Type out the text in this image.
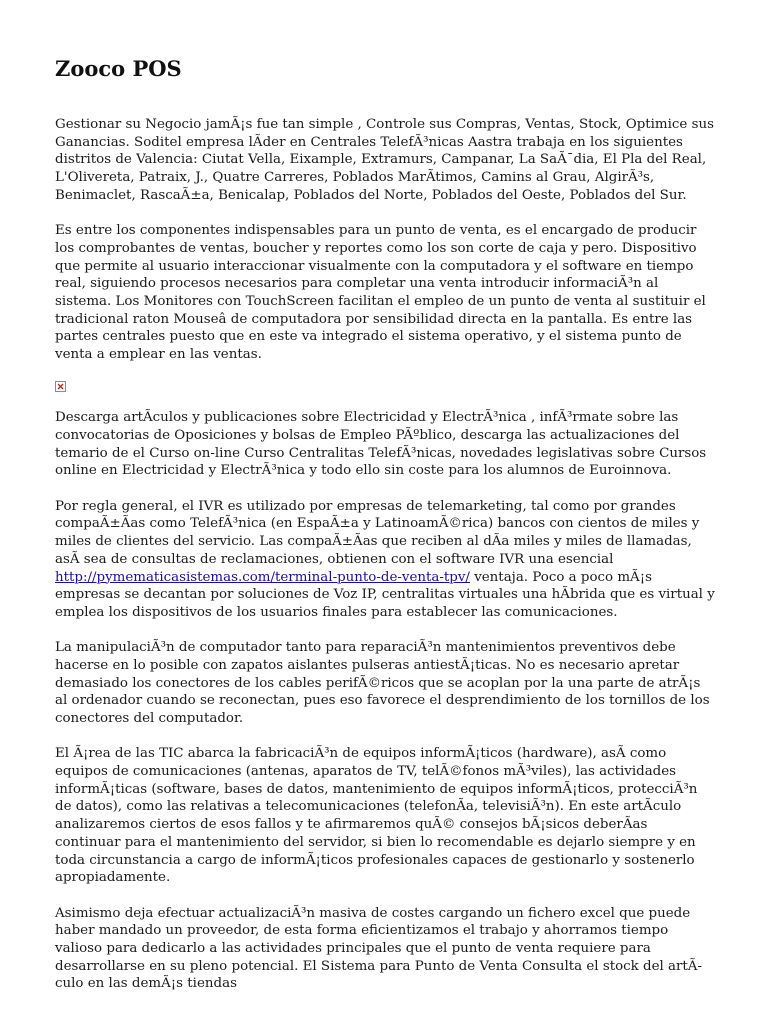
Zooco POS

Gestionar su Negocio jamÃ¡s fue tan simple , Controle sus Compras, Ventas, Stock, Optimice sus Ganancias. Soditel empresa lÃder en Centrales TelefÃ³nicas Aastra trabaja en los siguientes distritos de Valencia: Ciutat Vella, Eixample, Extramurs, Campanar, La SaÃ¯dia, El Pla del Real, L'Olivereta, Patraix, J., Quatre Carreres, Poblados MarÃtimos, Camins al Grau, AlgirÃ³s, Benimaclet, RascaÃ±a, Benicalap, Poblados del Norte, Poblados del Oeste, Poblados del Sur.

Es entre los componentes indispensables para un punto de venta, es el encargado de producir los comprobantes de ventas, boucher y reportes como los son corte de caja y pero. Dispositivo que permite al usuario interaccionar visualmente con la computadora y el software en tiempo real, siguiendo procesos necesarios para completar una venta introducir informaciÃ³n al sistema. Los Monitores con TouchScreen facilitan el empleo de un punto de venta al sustituir el tradicional raton Mouseâ de computadora por sensibilidad directa en la pantalla. Es entre las partes centrales puesto que en este va integrado el sistema operativo, y el sistema punto de venta a emplear en las ventas.

Descarga artÃculos y publicaciones sobre Electricidad y ElectrÃ³nica , infÃ³rmate sobre las convocatorias de Oposiciones y bolsas de Empleo PÃºblico, descarga las actualizaciones del temario de el Curso on-line Curso Centralitas TelefÃ³nicas, novedades legislativas sobre Cursos online en Electricidad y ElectrÃ³nica y todo ello sin coste para los alumnos de Euroinnova.

Por regla general, el IVR es utilizado por empresas de telemarketing, tal como por grandes compaÃ±Ãas como TelefÃ³nica (en EspaÃ±a y LatinoamÃ©rica) bancos con cientos de miles y miles de clientes del servicio. Las compaÃ±Ãas que reciben al dÃa miles y miles de llamadas, asÃ sea de consultas de reclamaciones, obtienen con el software IVR una esencial http://pymematicasistemas.com/terminal-punto-de-venta-tpv/ ventaja. Poco a poco mÃ¡s empresas se decantan por soluciones de Voz IP, centralitas virtuales una hÃbrida que es virtual y emplea los dispositivos de los usuarios finales para establecer las comunicaciones.

La manipulaciÃ³n de computador tanto para reparaciÃ³n mantenimientos preventivos debe hacerse en lo posible con zapatos aislantes pulseras antiestÃ¡ticas. No es necesario apretar demasiado los conectores de los cables perifÃ©ricos que se acoplan por la una parte de atrÃ¡s al ordenador cuando se reconectan, pues eso favorece el desprendimiento de los tornillos de los conectores del computador.

El Ã¡rea de las TIC abarca la fabricaciÃ³n de equipos informÃ¡ticos (hardware), asÃ como equipos de comunicaciones (antenas, aparatos de TV, telÃ©fonos mÃ³viles), las actividades informÃ¡ticas (software, bases de datos, mantenimiento de equipos informÃ¡ticos, protecciÃ³n de datos), como las relativas a telecomunicaciones (telefonÃa, televisiÃ³n). En este artÃculo analizaremos ciertos de esos fallos y te afirmaremos quÃ© consejos bÃ¡sicos deberÃas continuar para el mantenimiento del servidor, si bien lo recomendable es dejarlo siempre y en toda circunstancia a cargo de informÃ¡ticos profesionales capaces de gestionarlo y sostenerlo apropiadamente.

Asimismo deja efectuar actualizaciÃ³n masiva de costes cargando un fichero excel que puede haber mandado un proveedor, de esta forma eficientizamos el trabajo y ahorramos tiempo valioso para dedicarlo a las actividades principales que el punto de venta requiere para desarrollarse en su pleno potencial. El Sistema para Punto de Venta Consulta el stock del artÃculo en las demÃ¡s tiendas
